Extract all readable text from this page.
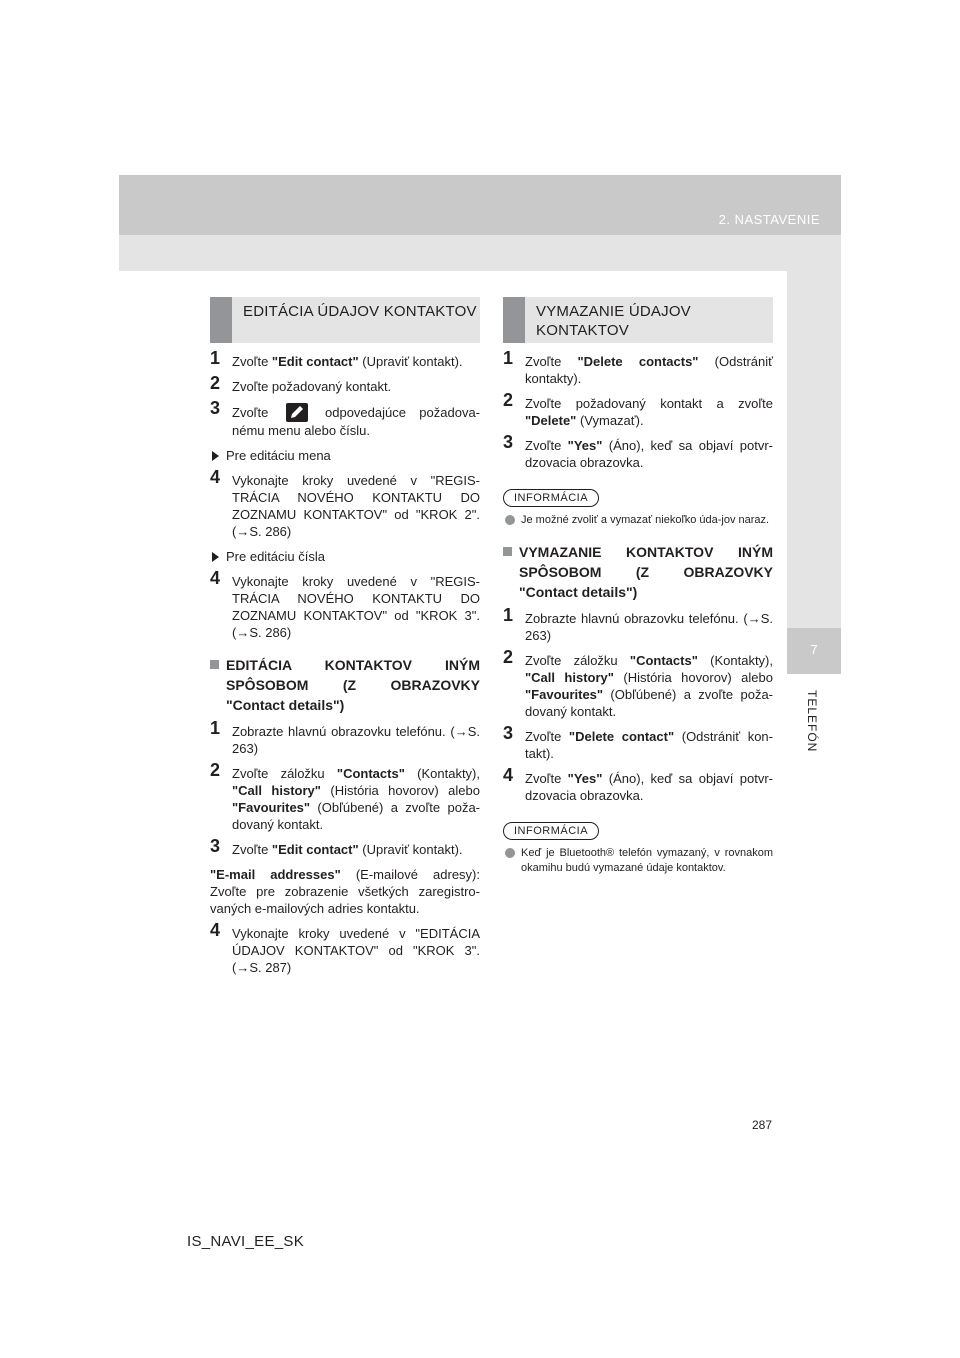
2. NASTAVENIE
7
TELEFÓN
EDITÁCIA ÚDAJOV KONTAKTOV
1 Zvoľte "Edit contact" (Upraviť kontakt).
2 Zvoľte požadovaný kontakt.
3 Zvoľte	odpovedajúce požadova-nému menu alebo číslu.
Pre editáciu mena
4 Vykonajte kroky uvedené v "REGIS-TRÁCIA NOVÉHO KONTAKTU DO ZOZNAMU KONTAKTOV" od "KROK 2". (→S. 286)
Pre editáciu čísla
4 Vykonajte kroky uvedené v "REGIS-TRÁCIA NOVÉHO KONTAKTU DO ZOZNAMU KONTAKTOV" od "KROK 3". (→S. 286)
EDITÁCIA KONTAKTOV INÝM SPÔSOBOM (Z OBRAZOVKY "Contact details")
1 Zobrazte hlavnú obrazovku telefónu. (→S. 263)
2 Zvoľte záložku "Contacts" (Kontakty), "Call history" (História hovorov) alebo "Favourites" (Obľúbené) a zvoľte poža-dovaný kontakt.
3 Zvoľte "Edit contact" (Upraviť kontakt).
"E-mail addresses" (E-mailové adresy): Zvoľte pre zobrazenie všetkých zaregistro-vaných e-mailových adries kontaktu.
4 Vykonajte kroky uvedené v "EDITÁCIA ÚDAJOV KONTAKTOV" od "KROK 3". (→S. 287)
VYMAZANIE ÚDAJOV KONTAKTOV
1 Zvoľte "Delete contacts" (Odstrániť kontakty).
2 Zvoľte požadovaný kontakt a zvoľte "Delete" (Vymazať).
3 Zvoľte "Yes" (Áno), keď sa objaví potvr-dzovacia obrazovka.
INFORMÁCIA
Je možné zvoliť a vymazať niekoľko úda-jov naraz.
VYMAZANIE KONTAKTOV INÝM SPÔSOBOM (Z OBRAZOVKY "Contact details")
1 Zobrazte hlavnú obrazovku telefónu. (→S. 263)
2 Zvoľte záložku "Contacts" (Kontakty), "Call history" (História hovorov) alebo "Favourites" (Obľúbené) a zvoľte poža-dovaný kontakt.
3 Zvoľte "Delete contact" (Odstrániť kon-takt).
4 Zvoľte "Yes" (Áno), keď sa objaví potvr-dzovacia obrazovka.
INFORMÁCIA
Keď je Bluetooth® telefón vymazaný, v rovnakom okamihu budú vymazané údaje kontaktov.
287
IS_NAVI_EE_SK
